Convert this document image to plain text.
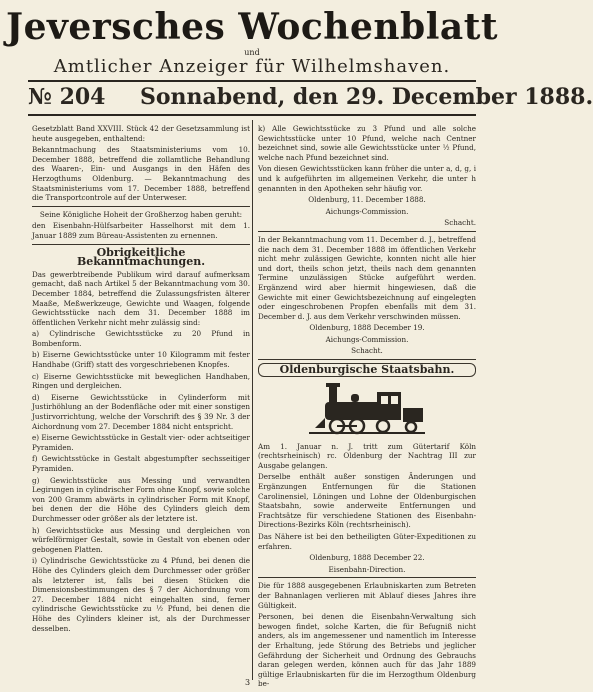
Jeversches Wochenblatt
und
Amtlicher Anzeiger für Wilhelmshaven.
№ 204 Sonnabend, den 29. December 1888.

Gesetzblatt Band XXVIII. Stück 42 der Gesetzsammlung ist heute ausgegeben, enthaltend:

Bekanntmachung des Staatsministeriums vom 10. December 1888, betreffend die zollamtliche Behandlung des Waaren-, Ein- und Ausgangs in den Häfen des Herzogthums Oldenburg. — Bekanntmachung des Staatsministeriums vom 17. December 1888, betreffend die Transportcontrole auf der Unterweser.

Seine Königliche Hoheit der Großherzog haben geruht:

den Eisenbahn-Hülfsarbeiter Hasselhorst mit dem 1. Januar 1889 zum Büreau-Assistenten zu ernennen.

Obrigkeitliche Bekanntmachungen.

Das gewerbtreibende Publikum wird darauf aufmerksam gemacht, daß nach Artikel 5 der Bekanntmachung vom 30. December 1884, betreffend die Zulassungsfristen älterer Maaße, Meßwerkzeuge, Gewichte und Waagen, folgende Gewichtsstücke nach dem 31. December 1888 im öffentlichen Verkehr nicht mehr zulässig sind:

a) Cylindrische Gewichtsstücke zu 20 Pfund in Bombenform.

b) Eiserne Gewichtsstücke unter 10 Kilogramm mit fester Handhabe (Griff) statt des vorgeschriebenen Knopfes.

c) Eiserne Gewichtsstücke mit beweglichen Handhaben, Ringen und dergleichen.

d) Eiserne Gewichtsstücke in Cylinderform mit Justirhöhlung an der Bodenfläche oder mit einer sonstigen Justirvorrichtung, welche der Vorschrift des § 39 Nr. 3 der Aichordnung vom 27. December 1884 nicht entspricht.

e) Eiserne Gewichtsstücke in Gestalt vier- oder achtseitiger Pyramiden.

f) Gewichtsstücke in Gestalt abgestumpfter sechsseitiger Pyramiden.

g) Gewichtsstücke aus Messing und verwandten Legirungen in cylindrischer Form ohne Knopf, sowie solche von 200 Gramm abwärts in cylindrischer Form mit Knopf, bei denen der die Höhe des Cylinders gleich dem Durchmesser oder größer als der letztere ist.

h) Gewichtsstücke aus Messing und dergleichen von würfelförmiger Gestalt, sowie in Gestalt von ebenen oder gebogenen Platten.

i) Cylindrische Gewichtsstücke zu 4 Pfund, bei denen die Höhe des Cylinders gleich dem Durchmesser oder größer als letzterer ist, falls bei diesen Stücken die Dimensionsbestimmungen des § 7 der Aichordnung vom 27. December 1884 nicht eingehalten sind, ferner cylindrische Gewichtsstücke zu ½ Pfund, bei denen die Höhe des Cylinders kleiner ist, als der Durchmesser desselben.

k) Alle Gewichtsstücke zu 3 Pfund und alle solche Gewichtsstücke unter 10 Pfund, welche nach Centner bezeichnet sind, sowie alle Gewichtsstücke unter ½ Pfund, welche nach Pfund bezeichnet sind.

Von diesen Gewichtsstücken kann früher die unter a, d, g, i und k aufgeführten im allgemeinen Verkehr, die unter h genannten in den Apotheken sehr häufig vor.

Oldenburg, 11. December 1888.

Aichungs-Commission.

Schacht.

In der Bekanntmachung vom 11. December d. J., betreffend die nach dem 31. December 1888 im öffentlichen Verkehr nicht mehr zulässigen Gewichte, konnten nicht alle hier und dort, theils schon jetzt, theils nach dem genannten Termine unzulässigen Stücke aufgeführt werden. Ergänzend wird aber hiermit hingewiesen, daß die Gewichte mit einer Gewichtsbezeichnung auf eingelegten oder eingeschrobenen Propfen ebenfalls mit dem 31. December d. J. aus dem Verkehr verschwinden müssen.

Oldenburg, 1888 December 19.

Aichungs-Commission.

Schacht.

Oldenburgische Staatsbahn.

Am 1. Januar n. J. tritt zum Gütertarif Köln (rechtsrheinisch) rc. Oldenburg der Nachtrag III zur Ausgabe gelangen.

Derselbe enthält außer sonstigen Änderungen und Ergänzungen Entfernungen für die Stationen Carolinensiel, Löningen und Lohne der Oldenburgischen Staatsbahn, sowie anderweite Entfernungen und Frachtsätze für verschiedene Stationen des Eisenbahn-Directions-Bezirks Köln (rechtsrheinisch).

Das Nähere ist bei den betheiligten Güter-Expeditionen zu erfahren.

Oldenburg, 1888 December 22.

Eisenbahn-Direction.

Die für 1888 ausgegebenen Erlaubniskarten zum Betreten der Bahnanlagen verlieren mit Ablauf dieses Jahres ihre Gültigkeit.

Personen, bei denen die Eisenbahn-Verwaltung sich bewogen findet, solche Karten, die für Befugniß nicht anders, als im angemessener und namentlich im Interesse der Erhaltung, jede Störung des Betriebs und jeglicher Gefährdung der Sicherheit und Ordnung des Gebrauchs daran gelegen werden, können auch für das Jahr 1889 gültige Erlaubniskarten für die im Herzogthum Oldenburg be-

3
